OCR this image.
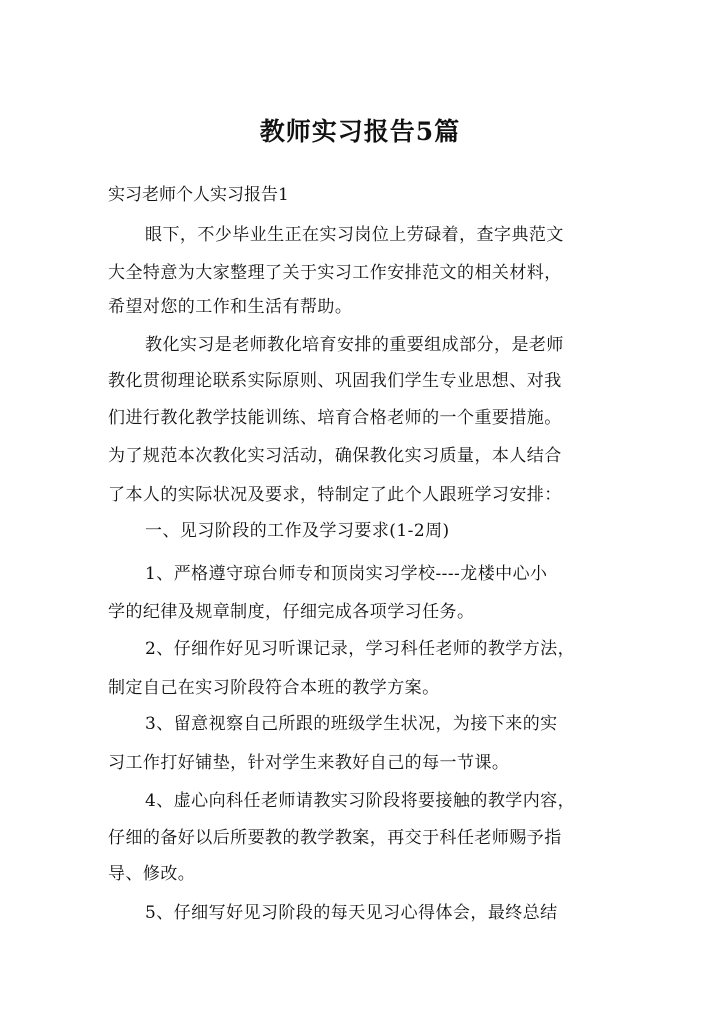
教师实习报告5篇
实习老师个人实习报告1
眼下，不少毕业生正在实习岗位上劳碌着，查字典范文
大全特意为大家整理了关于实习工作安排范文的相关材料，
希望对您的工作和生活有帮助。
教化实习是老师教化培育安排的重要组成部分，是老师
教化贯彻理论联系实际原则、巩固我们学生专业思想、对我
们进行教化教学技能训练、培育合格老师的一个重要措施。
为了规范本次教化实习活动，确保教化实习质量，本人结合
了本人的实际状况及要求，特制定了此个人跟班学习安排：
一、见习阶段的工作及学习要求(1-2周)
1、严格遵守琼台师专和顶岗实习学校----龙楼中心小
学的纪律及规章制度，仔细完成各项学习任务。
2、仔细作好见习听课记录，学习科任老师的教学方法，
制定自己在实习阶段符合本班的教学方案。
3、留意视察自己所跟的班级学生状况，为接下来的实
习工作打好铺垫，针对学生来教好自己的每一节课。
4、虚心向科任老师请教实习阶段将要接触的教学内容，
仔细的备好以后所要教的教学教案，再交于科任老师赐予指
导、修改。
5、仔细写好见习阶段的每天见习心得体会，最终总结
